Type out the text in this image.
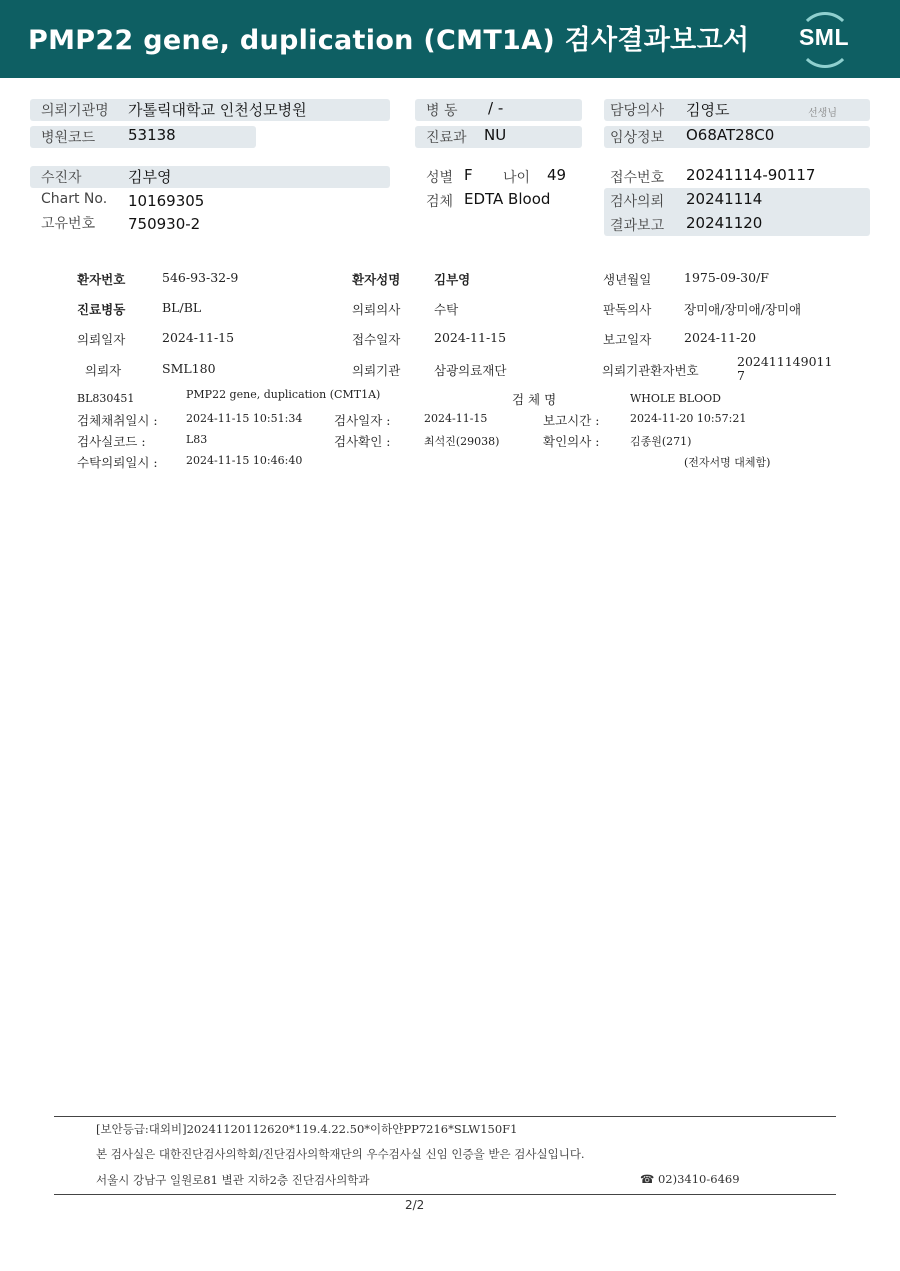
PMP22 gene, duplication (CMT1A) 검사결과보고서	SML
의뢰기관명 가톨릭대학교 인천성모병원
병원코드 53138
수진자	김부영
Chart No. 10169305
고유번호 750930-2
병 동 / -
진료과 NU
성별 F 나이 49
검체 EDTA Blood
담당의사 김영도	선생님
임상정보 O68AT28C0
접수번호 20241114-90117
검사의뢰 20241114
결과보고 20241120
환자번호	546-93-32-9	환자성명	김부영	생년월일	1975-09-30/F
진료병동	BL/BL	의뢰의사	수탁	판독의사	장미애/장미애/장미애
의뢰일자	2024-11-15	접수일자	2024-11-15	보고일자	2024-11-20
의뢰자	SML180	의뢰기관	삼광의료재단	의뢰기관환자번호
202411149011
7
BL830451	PMP22 gene, duplication (CMT1A)	검 체 명	WHOLE BLOOD
검체채취일시 :	2024-11-15 10:51:34	검사일자 :	2024-11-15	보고시간 :	2024-11-20 10:57:21
검사실코드 :	L83	검사확인 :	최석진(29038)	확인의사 :	김종원(271)
수탁의뢰일시 :	2024-11-15 10:46:40	(전자서명 대체함)
[보안등급:대외비]20241120112620*119.4.22.50*이하얀PP7216*SLW150F1
본 검사실은 대한진단검사의학회/진단검사의학재단의 우수검사실 신임 인증을 받은 검사실입니다.
서울시 강남구 일원로81 별관 지하2층 진단검사의학과	☎ 02)3410-6469
2/2
